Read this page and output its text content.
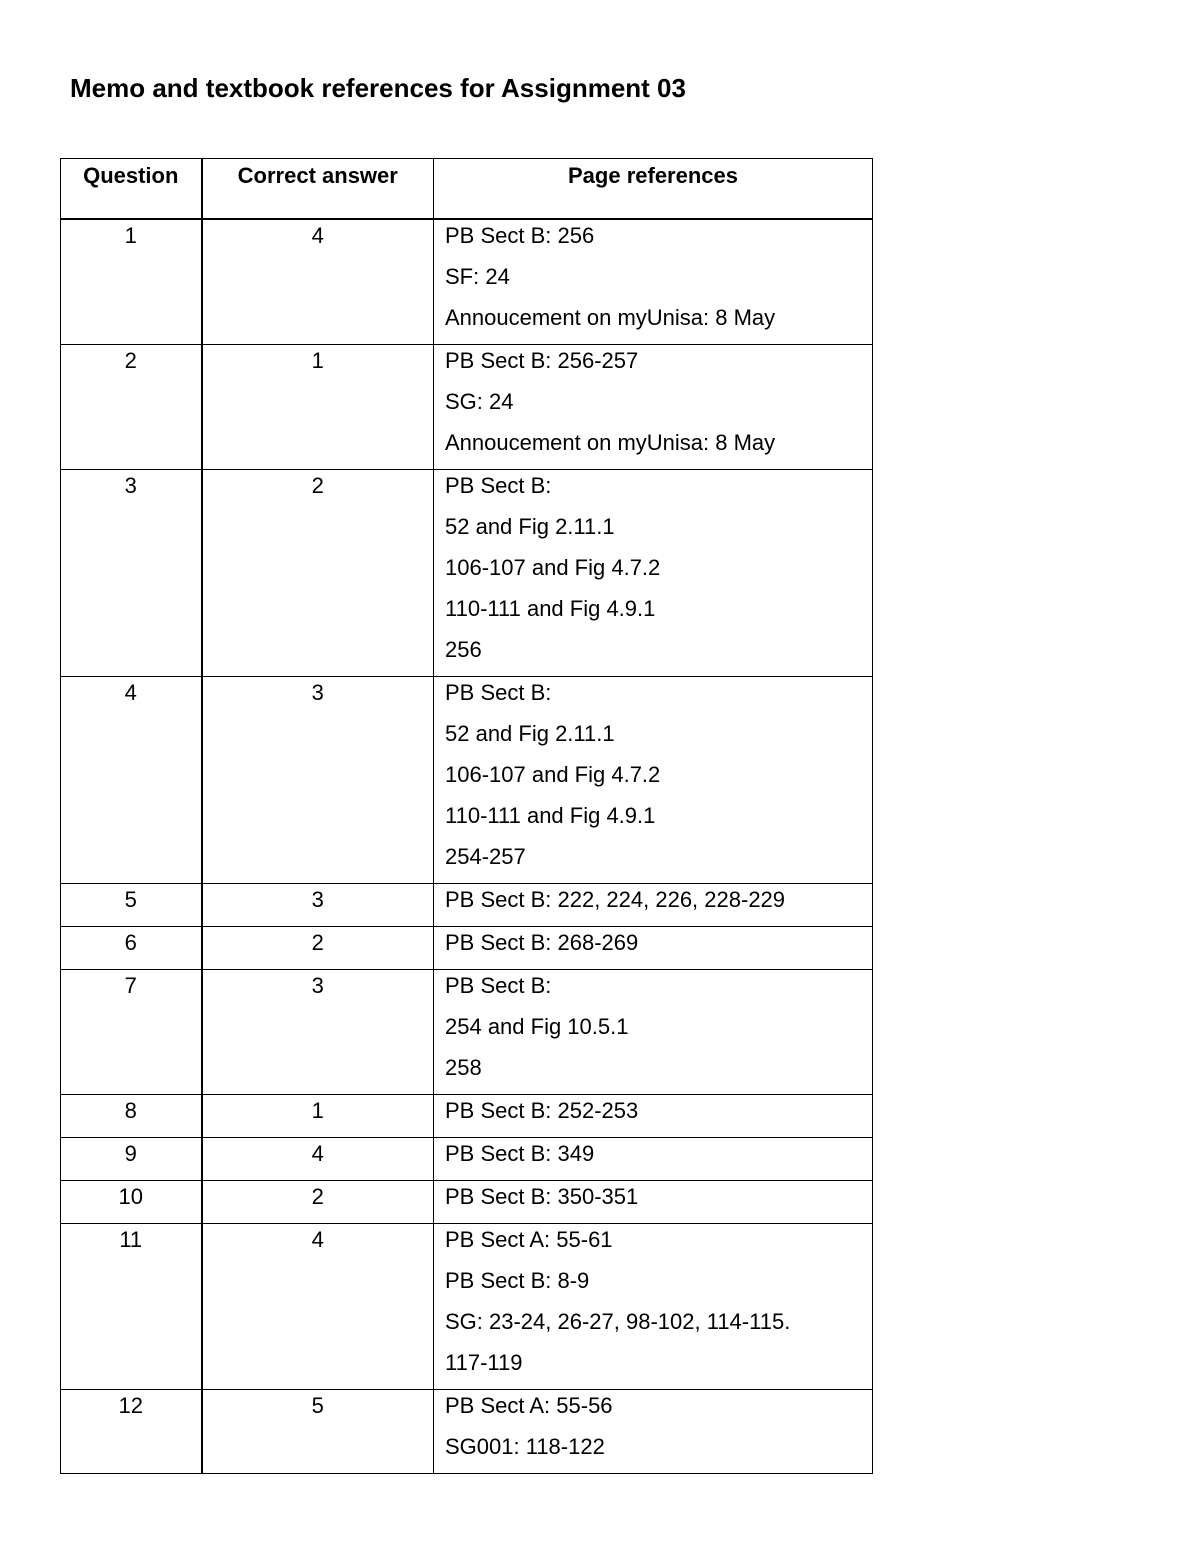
Memo and textbook references for Assignment 03
Question	Correct answer	Page references
1	4	PB Sect B: 256
SF: 24
Annoucement on myUnisa: 8 May

2	1	PB Sect B: 256-257
SG: 24
Annoucement on myUnisa: 8 May

3	2	PB Sect B:
52 and Fig 2.11.1
106-107 and Fig 4.7.2
110-111 and Fig 4.9.1
256

4	3	PB Sect B:
52 and Fig 2.11.1
106-107 and Fig 4.7.2
110-111 and Fig 4.9.1
254-257

5	3	PB Sect B: 222, 224, 226, 228-229

6	2	PB Sect B: 268-269

7	3	PB Sect B:
254 and Fig 10.5.1
258

8	1	PB Sect B: 252-253

9	4	PB Sect B: 349

10	2	PB Sect B: 350-351

11	4	PB Sect A: 55-61
PB Sect B: 8-9
SG: 23-24, 26-27, 98-102, 114-115.
117-119

12	5	PB Sect A: 55-56
SG001: 118-122
